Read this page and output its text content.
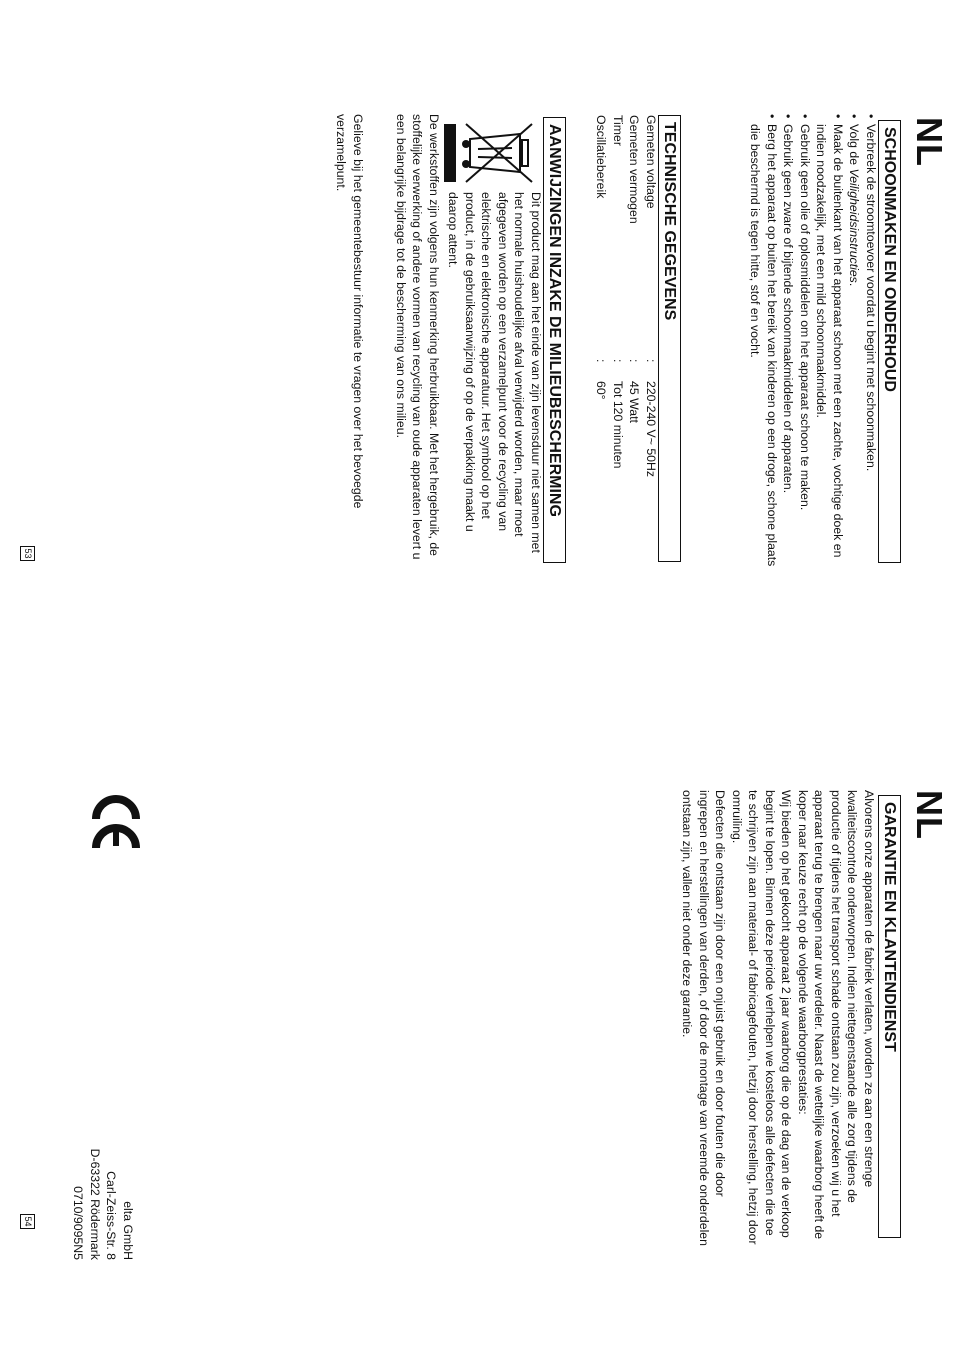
NL
SCHOONMAKEN EN ONDERHOUD
• Verbreek de stroomtoevoer voordat u begint met schoonmaken.
• Volg de Veiligheidsinstructies.
• Maak de buitenkant van het apparaat schoon met een zachte, vochtige doek en indien noodzakelijk, met een mild schoonmaakmiddel.
• Gebruik geen olie of oplosmiddelen om het apparaat schoon te maken.
• Gebruik geen zware of bijtende schoonmaakmiddelen of apparaten.
• Berg het apparaat op buiten het bereik van kinderen op een droge, schone plaats die beschermd is tegen hitte, stof en vocht.
TECHNISCHE GEGEVENS
Gemeten voltage
:
220-240 V~ 50Hz
Gemeten vermogen
:
45 Watt
Timer
:
Tot 120 minuten
Oscillatiebereik
:
60°
AANWIJZINGEN INZAKE DE MILIEUBESCHERMING
Dit product mag aan het einde van zijn levensduur niet samen met het normale huishoudelijke afval verwijderd worden, maar moet afgegeven worden op een verzamelpunt voor de recycling van elektrische en elektronische apparatuur. Het symbool op het product, in de gebruiksaanwijzing of op de verpakking maakt u daarop attent.

De werkstoffen zijn volgens hun kenmerking herbruikbaar. Met het hergebruik, de stoffelijke verwerking of andere vormen van recycling van oude apparaten levert u een belangrijke bijdrage tot de bescherming van ons milieu.

Gelieve bij het gemeentebestuur informatie te vragen over het bevoegde verzamelpunt.

53
NL
GARANTIE EN KLANTENDIENST

Alvorens onze apparaten de fabriek verlaten, worden ze aan een strenge kwaliteitscontrole onderworpen. Indien niettegenstaande alle zorg tijdens de productie of tijdens het transport schade ontstaan zou zijn, verzoeken wij u het apparaat terug te brengen naar uw verdeler. Naast de wettelijke waarborg heeft de koper naar keuze recht op de volgende waarborgprestaties:

Wij bieden op het gekocht apparaat 2 jaar waarborg die op de dag van de verkoop begint te lopen. Binnen deze periode verhelpen we kosteloos alle defecten die toe te schrijven zijn aan materiaal- of fabricagefouten, hetzij door herstelling, hetzij door omruiling.

Defecten die ontstaan zijn door een onjuist gebruik en door fouten die door ingrepen en herstellingen van derden, of door de montage van vreemde onderdelen ontstaan zijn, vallen niet onder deze garantie.

elta GmbH
Carl-Zeiss-Str. 8
D-63322 Rödermark
0710/9095N5
54
